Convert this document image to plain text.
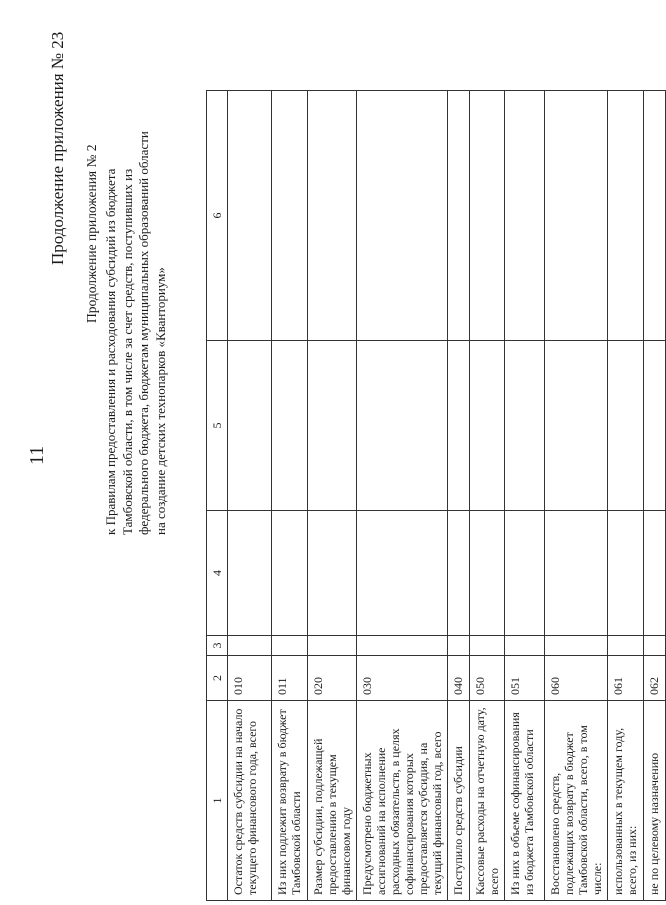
11
Продолжение приложения № 23 Продолжение приложения № 2 к Правилам предоставления и расходования субсидий из бюджета Тамбовской области, в том числе за счет средств, поступивших из федерального бюджета, бюджетам муниципальных образований области на создание детских технопарков «Кванториум»
1	2	3	4	5	6
Остаток средств субсидии на начало текущего финансового года, всего	010				
Из них подлежит возврату в бюджет Тамбовской области	011				
Размер субсидии, подлежащей предоставлению в текущем финансовом году	020				
Предусмотрено бюджетных ассигнований на исполнение расходных обязательств, в целях софинансирования которых предоставляется субсидия, на текущий финансовый год, всего	030				
Поступило средств субсидии	040				
Кассовые расходы на отчетную дату, всего	050				
Из них в объеме софинансирования из бюджета Тамбовской области	051				
Восстановлено средств, подлежащих возврату в бюджет Тамбовской области, всего, в том числе:	060				
использованных в текущем году, всего, из них:	061				
не по целевому назначению	062				
